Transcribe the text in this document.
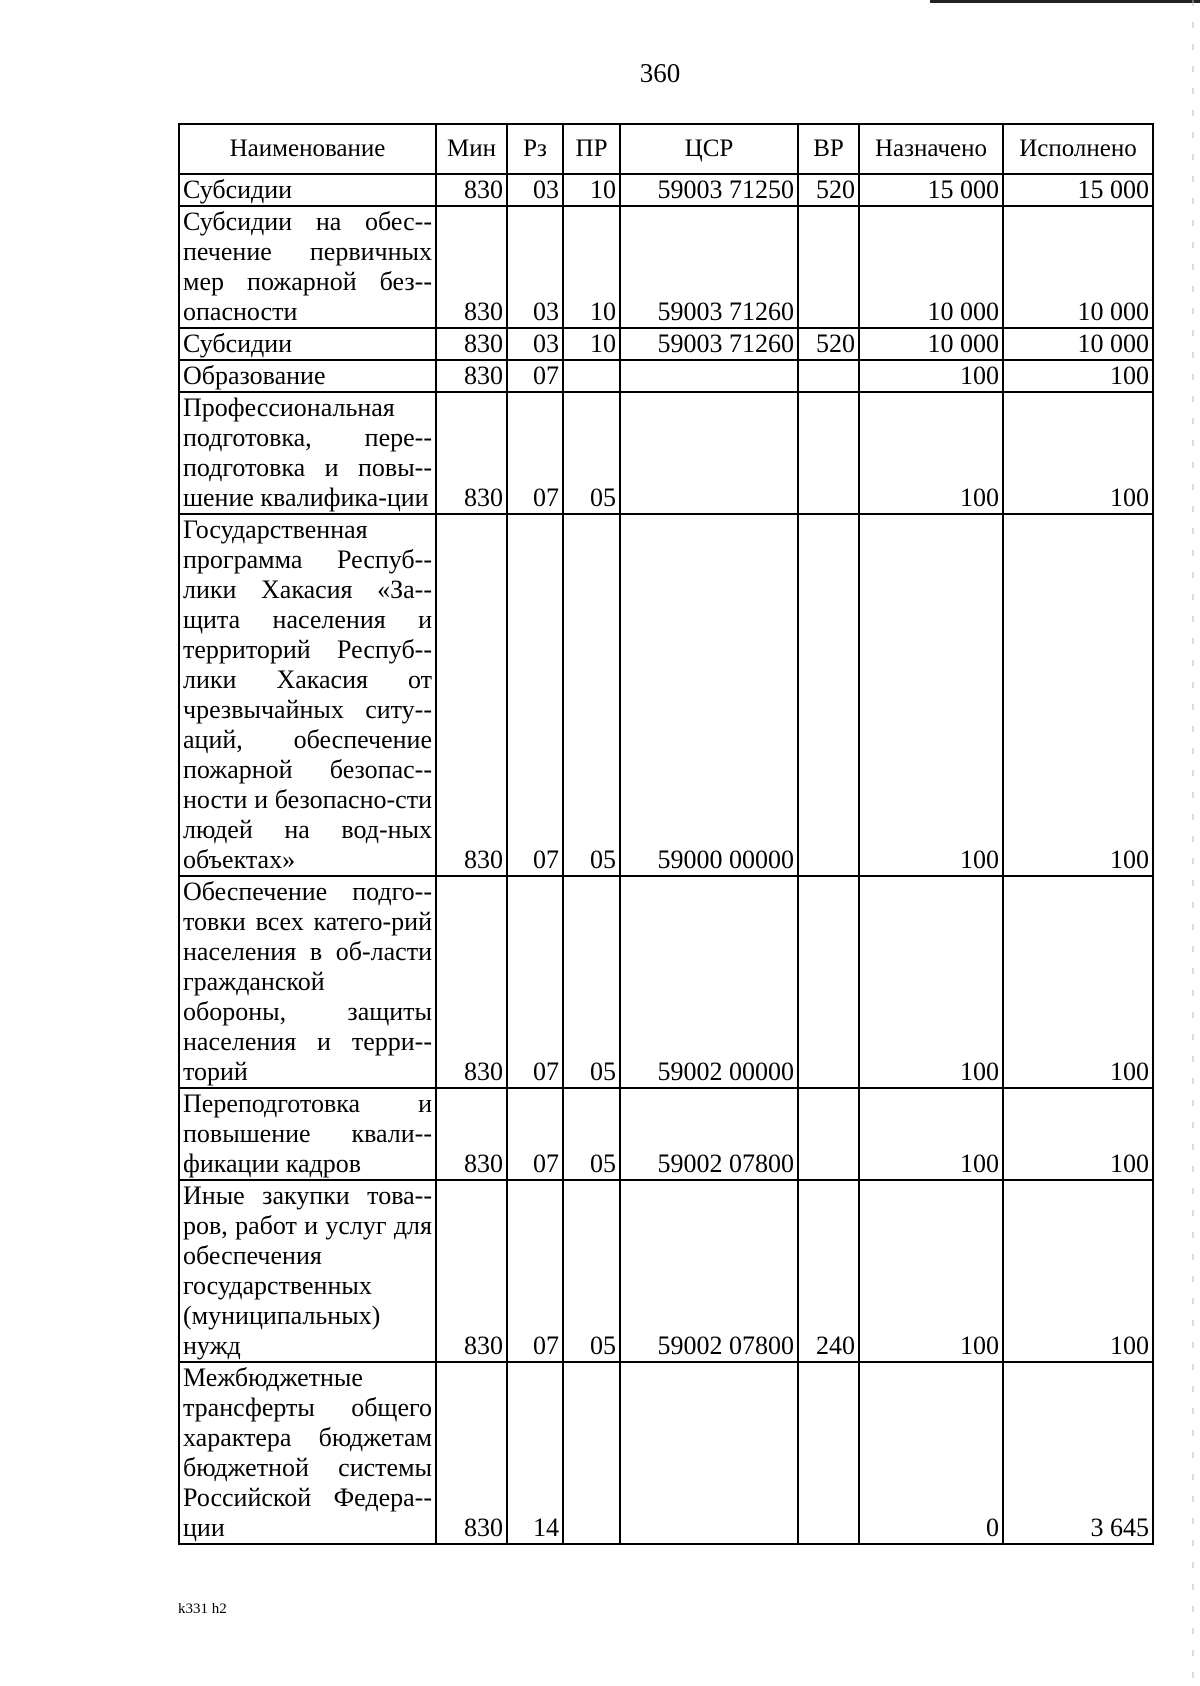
360
Наименование	Мин	Рз	ПР	ЦСР	ВР	Назначено	Исполнено
Субсидии	830	03	10	59003 71250	520	15 000	15 000
Субсидии на обес-печение первичных мер пожарной без-опасности	830	03	10	59003 71260		10 000	10 000
Субсидии	830	03	10	59003 71260	520	10 000	10 000
Образование	830	07				100	100
Профессиональная подготовка, пере-подготовка и повы-шение квалифика-ции	830	07	05			100	100
Государственная программа Респуб-лики Хакасия «За-щита населения и территорий Респуб-лики Хакасия от чрезвычайных ситу-аций, обеспечение пожарной безопас-ности и безопасно-сти людей на вод-ных объектах»	830	07	05	59000 00000		100	100
Обеспечение подго-товки всех катего-рий населения в об-ласти гражданской обороны, защиты населения и терри-торий	830	07	05	59002 00000		100	100
Переподготовка и повышение квали-фикации кадров	830	07	05	59002 07800		100	100
Иные закупки това-ров, работ и услуг для обеспечения государственных (муниципальных) нужд	830	07	05	59002 07800	240	100	100
Межбюджетные трансферты общего характера бюджетам бюджетной системы Российской Федера-ции	830	14				0	3 645
k331 h2
